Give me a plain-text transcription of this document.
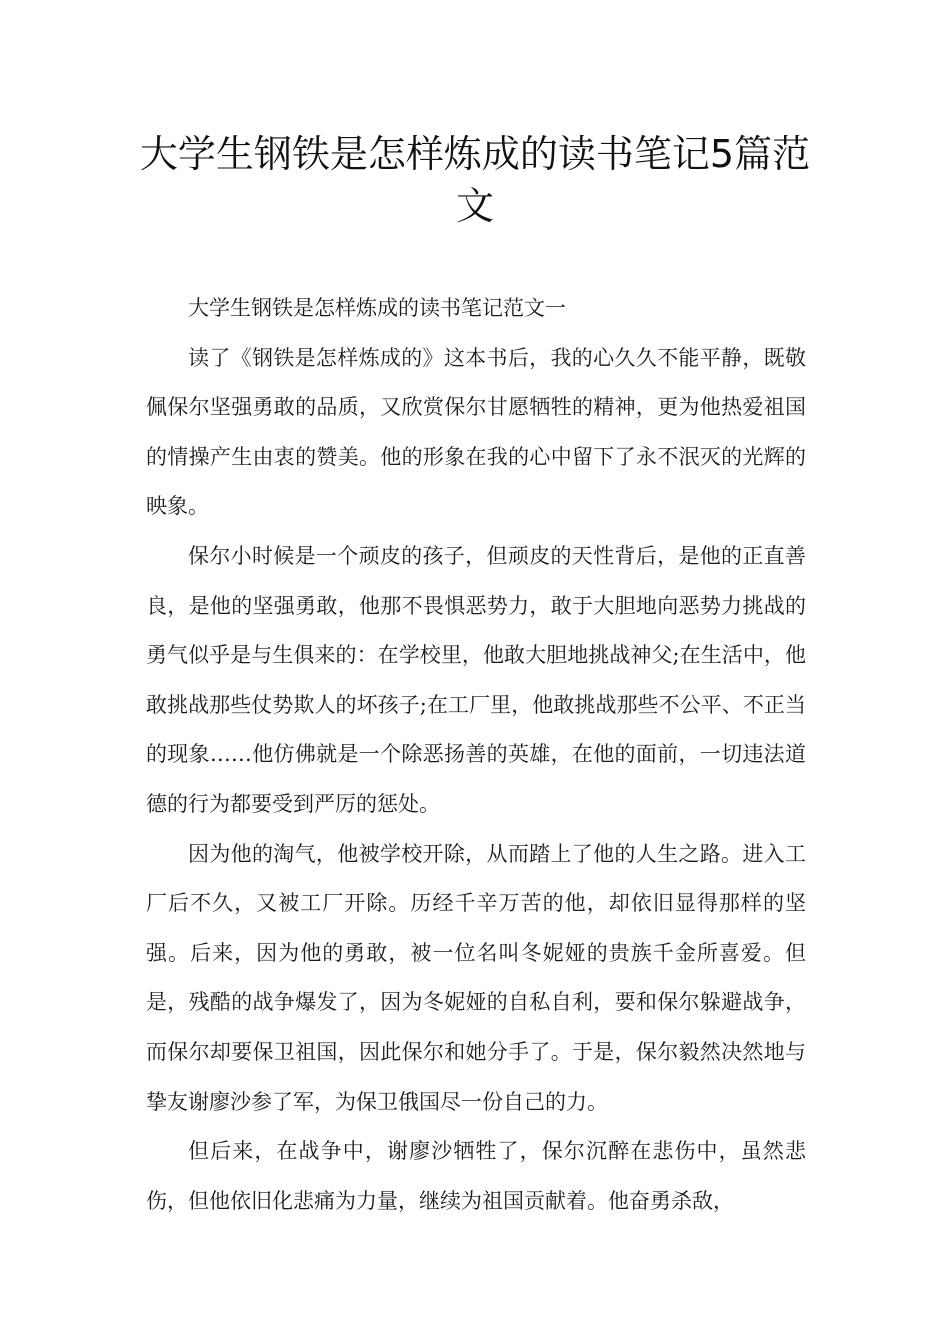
大学生钢铁是怎样炼成的读书笔记5篇范文

大学生钢铁是怎样炼成的读书笔记范文一

读了《钢铁是怎样炼成的》这本书后，我的心久久不能平静，既敬佩保尔坚强勇敢的品质，又欣赏保尔甘愿牺牲的精神，更为他热爱祖国的情操产生由衷的赞美。他的形象在我的心中留下了永不泯灭的光辉的映象。

保尔小时候是一个顽皮的孩子，但顽皮的天性背后，是他的正直善良，是他的坚强勇敢，他那不畏惧恶势力，敢于大胆地向恶势力挑战的勇气似乎是与生俱来的：在学校里，他敢大胆地挑战神父;在生活中，他敢挑战那些仗势欺人的坏孩子;在工厂里，他敢挑战那些不公平、不正当的现象……他仿佛就是一个除恶扬善的英雄，在他的面前，一切违法道德的行为都要受到严厉的惩处。

因为他的淘气，他被学校开除，从而踏上了他的人生之路。进入工厂后不久，又被工厂开除。历经千辛万苦的他，却依旧显得那样的坚强。后来，因为他的勇敢，被一位名叫冬妮娅的贵族千金所喜爱。但是，残酷的战争爆发了，因为冬妮娅的自私自利，要和保尔躲避战争，而保尔却要保卫祖国，因此保尔和她分手了。于是，保尔毅然决然地与挚友谢廖沙参了军，为保卫俄国尽一份自己的力。

但后来，在战争中，谢廖沙牺牲了，保尔沉醉在悲伤中，虽然悲伤，但他依旧化悲痛为力量，继续为祖国贡献着。他奋勇杀敌，
